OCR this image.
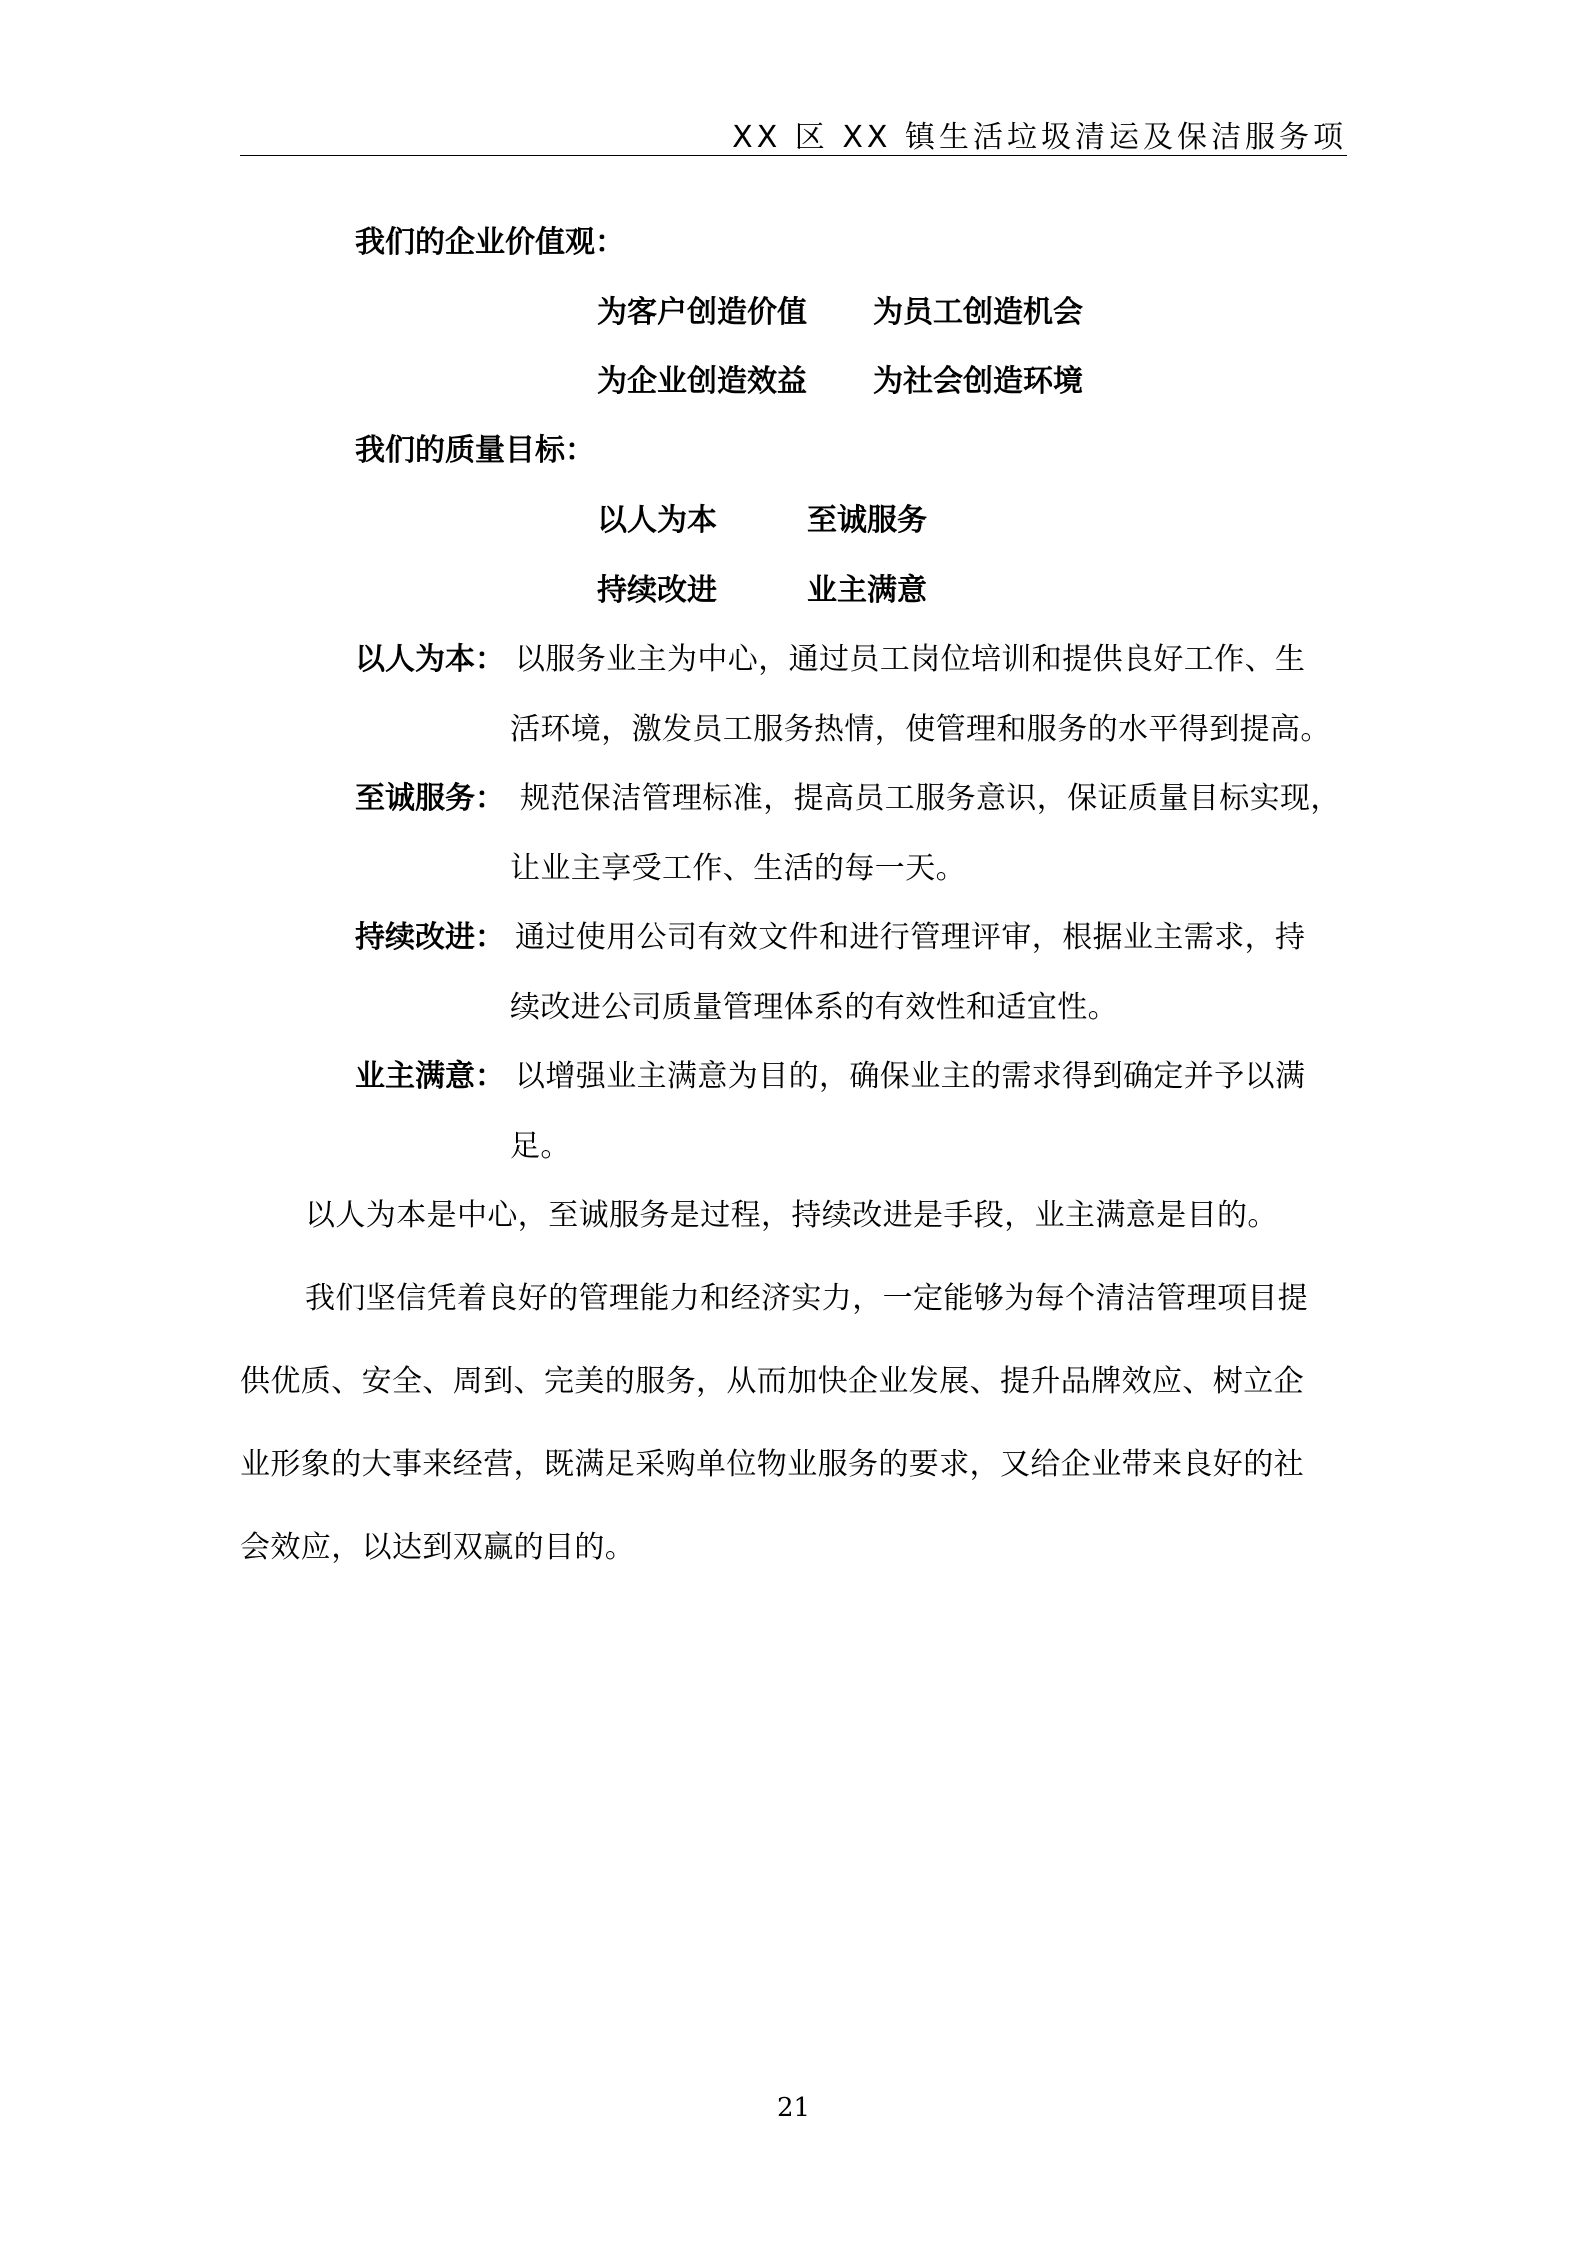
XX 区 XX 镇生活垃圾清运及保洁服务项
我们的企业价值观：
为客户创造价值 为员工创造机会
为企业创造效益 为社会创造环境
我们的质量目标：
以人为本	至诚服务
持续改进	业主满意
以人为本： 以服务业主为中心，通过员工岗位培训和提供良好工作、生
活环境，激发员工服务热情，使管理和服务的水平得到提高。
至诚服务： 规范保洁管理标准，提高员工服务意识，保证质量目标实现，
让业主享受工作、生活的每一天。
持续改进： 通过使用公司有效文件和进行管理评审，根据业主需求，持
续改进公司质量管理体系的有效性和适宜性。
业主满意： 以增强业主满意为目的，确保业主的需求得到确定并予以满
足。
以人为本是中心，至诚服务是过程，持续改进是手段，业主满意是目的。
我们坚信凭着良好的管理能力和经济实力，一定能够为每个清洁管理项目提
供优质、安全、周到、完美的服务，从而加快企业发展、提升品牌效应、树立企
业形象的大事来经营，既满足采购单位物业服务的要求，又给企业带来良好的社
会效应，以达到双赢的目的。
21
